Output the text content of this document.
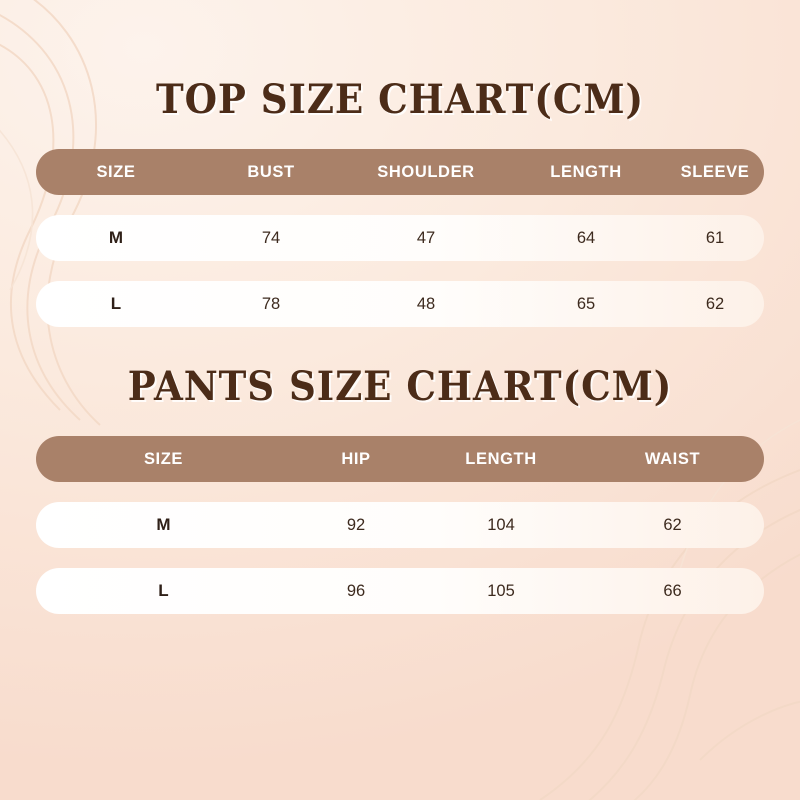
TOP SIZE CHART(CM)
SIZE	BUST	SHOULDER	LENGTH	SLEEVE
M	74	47	64	61
L	78	48	65	62
PANTS SIZE CHART(CM)
SIZE	HIP	LENGTH	WAIST
M	92	104	62
L	96	105	66
